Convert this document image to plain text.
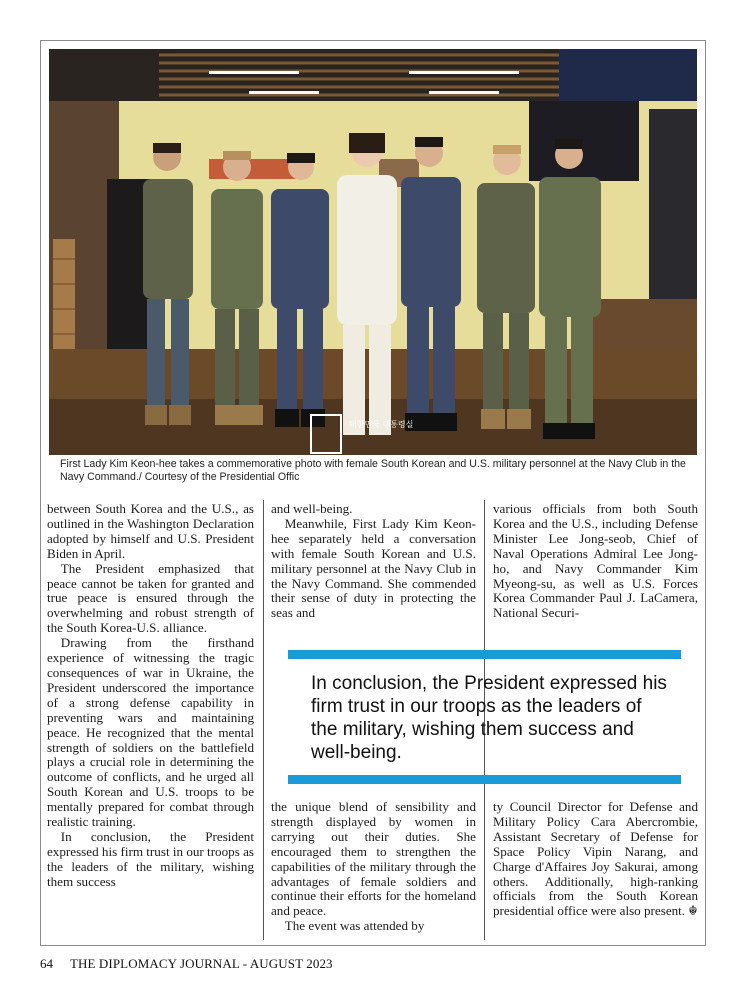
대한민국 대통령실
First Lady Kim Keon-hee takes a commemorative photo with female South Korean and U.S. military personnel at the Navy Club in the Navy Command./ Courtesy of the Presidential Offic

between South Korea and the U.S., as outlined in the Washington Declaration adopted by himself and U.S. President Biden in April.

The President emphasized that peace cannot be taken for granted and true peace is ensured through the overwhelming and robust strength of the South Korea-U.S. alliance.

Drawing from the firsthand experience of witnessing the tragic consequences of war in Ukraine, the President underscored the importance of a strong defense capability in preventing wars and maintaining peace. He recognized that the mental strength of soldiers on the battlefield plays a crucial role in determining the outcome of conflicts, and he urged all South Korean and U.S. troops to be mentally prepared for combat through realistic training.

In conclusion, the President expressed his firm trust in our troops as the leaders of the military, wishing them success

and well-being.

Meanwhile, First Lady Kim Keon-hee separately held a conversation with female South Korean and U.S. military personnel at the Navy Club in the Navy Command. She commended their sense of duty in protecting the seas and

the unique blend of sensibility and strength displayed by women in carrying out their duties. She encouraged them to strengthen the capabilities of the military through the advantages of female soldiers and continue their efforts for the homeland and peace.

The event was attended by

various officials from both South Korea and the U.S., including Defense Minister Lee Jong-seob, Chief of Naval Operations Admiral Lee Jong-ho, and Navy Commander Kim Myeong-su, as well as U.S. Forces Korea Commander Paul J. LaCamera, National Securi-

ty Council Director for Defense and Military Policy Cara Abercrombie, Assistant Secretary of Defense for Space Policy Vipin Narang, and Charge d'Affaires Joy Sakurai, among others. Additionally, high-ranking officials from the South Korean presidential office were also present. ☬

In conclusion, the President expressed his firm trust in our troops as the leaders of the military, wishing them success and well-being.
64 THE DIPLOMACY JOURNAL - AUGUST 2023
